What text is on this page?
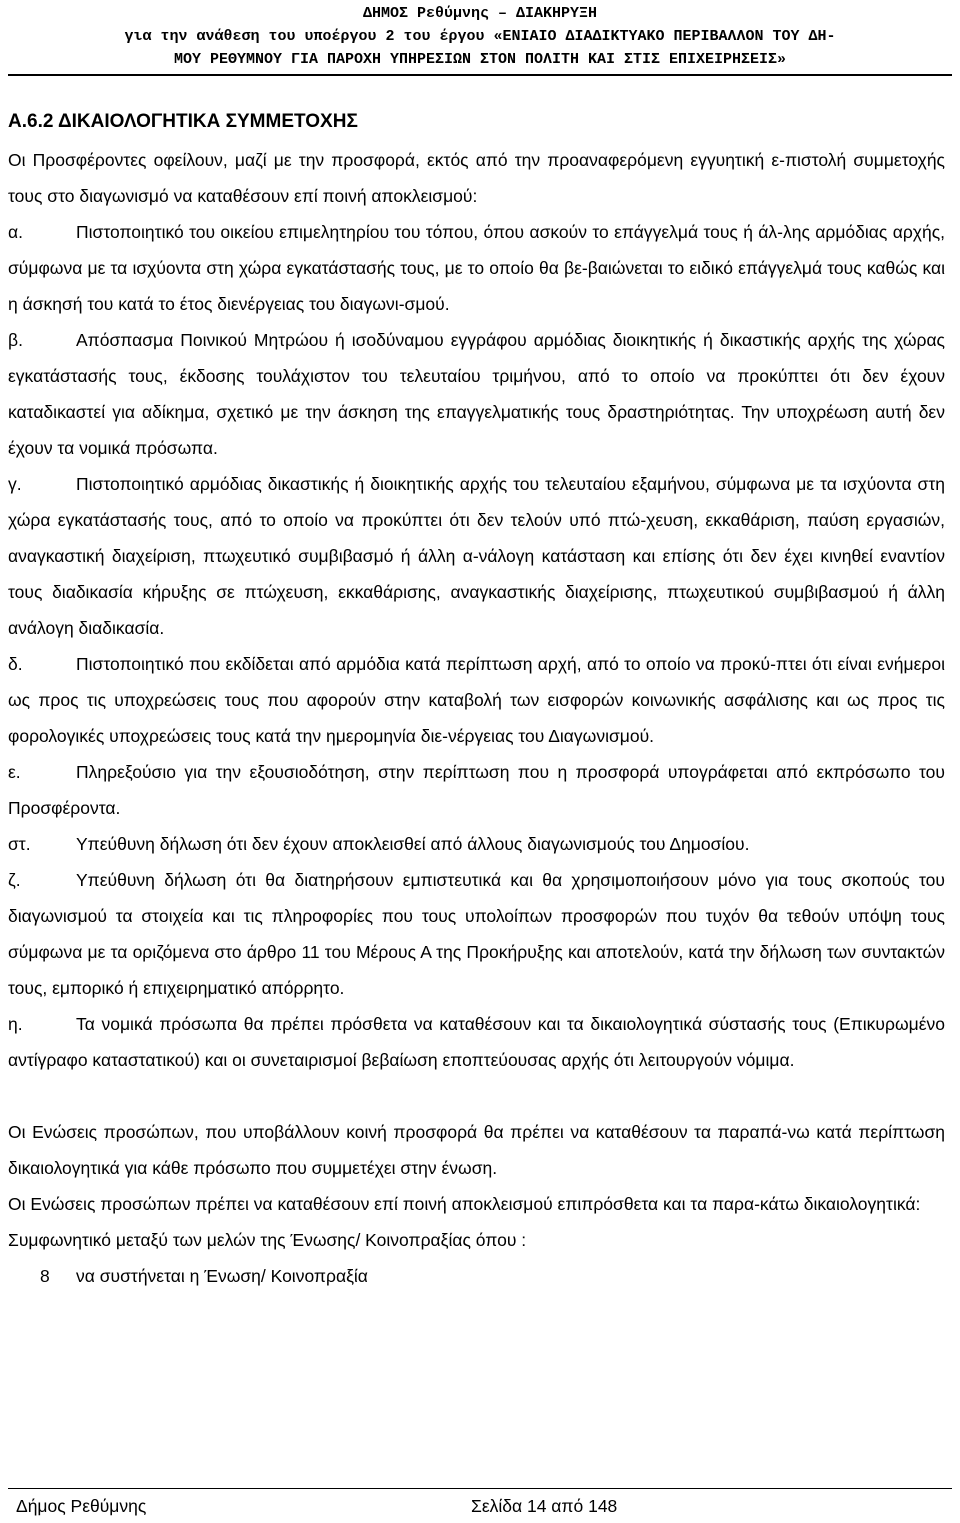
ΔΗΜΟΣ Ρεθύμνης – ΔΙΑΚΗΡΥΞΗ
για την ανάθεση του υποέργου 2 του έργου «ΕΝΙΑΙΟ ΔΙΑΔΙΚΤΥΑΚΟ ΠΕΡΙΒΑΛΛΟΝ ΤΟΥ ΔΗ-
ΜΟΥ ΡΕΘΥΜΝΟΥ ΓΙΑ ΠΑΡΟΧΗ ΥΠΗΡΕΣΙΩΝ ΣΤΟΝ ΠΟΛΙΤΗ ΚΑΙ ΣΤΙΣ ΕΠΙΧΕΙΡΗΣΕΙΣ»
Α.6.2 ΔΙΚΑΙΟΛΟΓΗΤΙΚΑ ΣΥΜΜΕΤΟΧΗΣ

Οι Προσφέροντες οφείλουν, μαζί με την προσφορά, εκτός από την προαναφερόμενη εγγυητική ε-πιστολή συμμετοχής τους στο διαγωνισμό να καταθέσουν επί ποινή αποκλεισμού:

α.	Πιστοποιητικό του οικείου επιμελητηρίου του τόπου, όπου ασκούν το επάγγελμά τους ή άλ-λης αρμόδιας αρχής, σύμφωνα με τα ισχύοντα στη χώρα εγκατάστασής τους, με το οποίο θα βε-βαιώνεται το ειδικό επάγγελμά τους καθώς και η άσκησή του κατά το έτος διενέργειας του διαγωνι-σμού.

β.	Απόσπασμα Ποινικού Μητρώου ή ισοδύναμου εγγράφου αρμόδιας διοικητικής ή δικαστικής αρχής της χώρας εγκατάστασής τους, έκδοσης τουλάχιστον του τελευταίου τριμήνου, από το οποίο να προκύπτει ότι δεν έχουν καταδικαστεί για αδίκημα, σχετικό με την άσκηση της επαγγελματικής τους δραστηριότητας. Την υποχρέωση αυτή δεν έχουν τα νομικά πρόσωπα.

γ.	Πιστοποιητικό αρμόδιας δικαστικής ή διοικητικής αρχής του τελευταίου εξαμήνου, σύμφωνα με τα ισχύοντα στη χώρα εγκατάστασής τους, από το οποίο να προκύπτει ότι δεν τελούν υπό πτώ-χευση, εκκαθάριση, παύση εργασιών, αναγκαστική διαχείριση, πτωχευτικό συμβιβασμό ή άλλη α-νάλογη κατάσταση και επίσης ότι δεν έχει κινηθεί εναντίον τους διαδικασία κήρυξης σε πτώχευση, εκκαθάρισης, αναγκαστικής διαχείρισης, πτωχευτικού συμβιβασμού ή άλλη ανάλογη διαδικασία.

δ.	Πιστοποιητικό που εκδίδεται από αρμόδια κατά περίπτωση αρχή, από το οποίο να προκύ-πτει ότι είναι ενήμεροι ως προς τις υποχρεώσεις τους που αφορούν στην καταβολή των εισφορών κοινωνικής ασφάλισης και ως προς τις φορολογικές υποχρεώσεις τους κατά την ημερομηνία διε-νέργειας του Διαγωνισμού.

ε.	Πληρεξούσιο για την εξουσιοδότηση, στην περίπτωση που η προσφορά υπογράφεται από εκπρόσωπο του Προσφέροντα.

στ.	Υπεύθυνη δήλωση ότι δεν έχουν αποκλεισθεί από άλλους διαγωνισμούς του Δημοσίου.

ζ.	Υπεύθυνη δήλωση ότι θα διατηρήσουν εμπιστευτικά και θα χρησιμοποιήσουν μόνο για τους σκοπούς του διαγωνισμού τα στοιχεία και τις πληροφορίες που τους υπολοίπων προσφορών που τυχόν θα τεθούν υπόψη τους σύμφωνα με τα οριζόμενα στο άρθρο 11 του Μέρους Α της Προκήρυξης και αποτελούν, κατά την δήλωση των συντακτών τους, εμπορικό ή επιχειρηματικό απόρρητο.

η.	Τα νομικά πρόσωπα θα πρέπει πρόσθετα να καταθέσουν και τα δικαιολογητικά σύστασής τους (Επικυρωμένο αντίγραφο καταστατικού) και οι συνεταιρισμοί βεβαίωση εποπτεύουσας αρχής ότι λειτουργούν νόμιμα.

Οι Ενώσεις προσώπων, που υποβάλλουν κοινή προσφορά θα πρέπει να καταθέσουν τα παραπά-νω κατά περίπτωση δικαιολογητικά για κάθε πρόσωπο που συμμετέχει στην ένωση.

Οι Ενώσεις προσώπων πρέπει να καταθέσουν επί ποινή αποκλεισμού επιπρόσθετα και τα παρα-κάτω δικαιολογητικά:

Συμφωνητικό μεταξύ των μελών της Ένωσης/ Κοινοπραξίας όπου :

8 να συστήνεται η Ένωση/ Κοινοπραξία

Δήμος Ρεθύμνης	Σελίδα 14 από 148
